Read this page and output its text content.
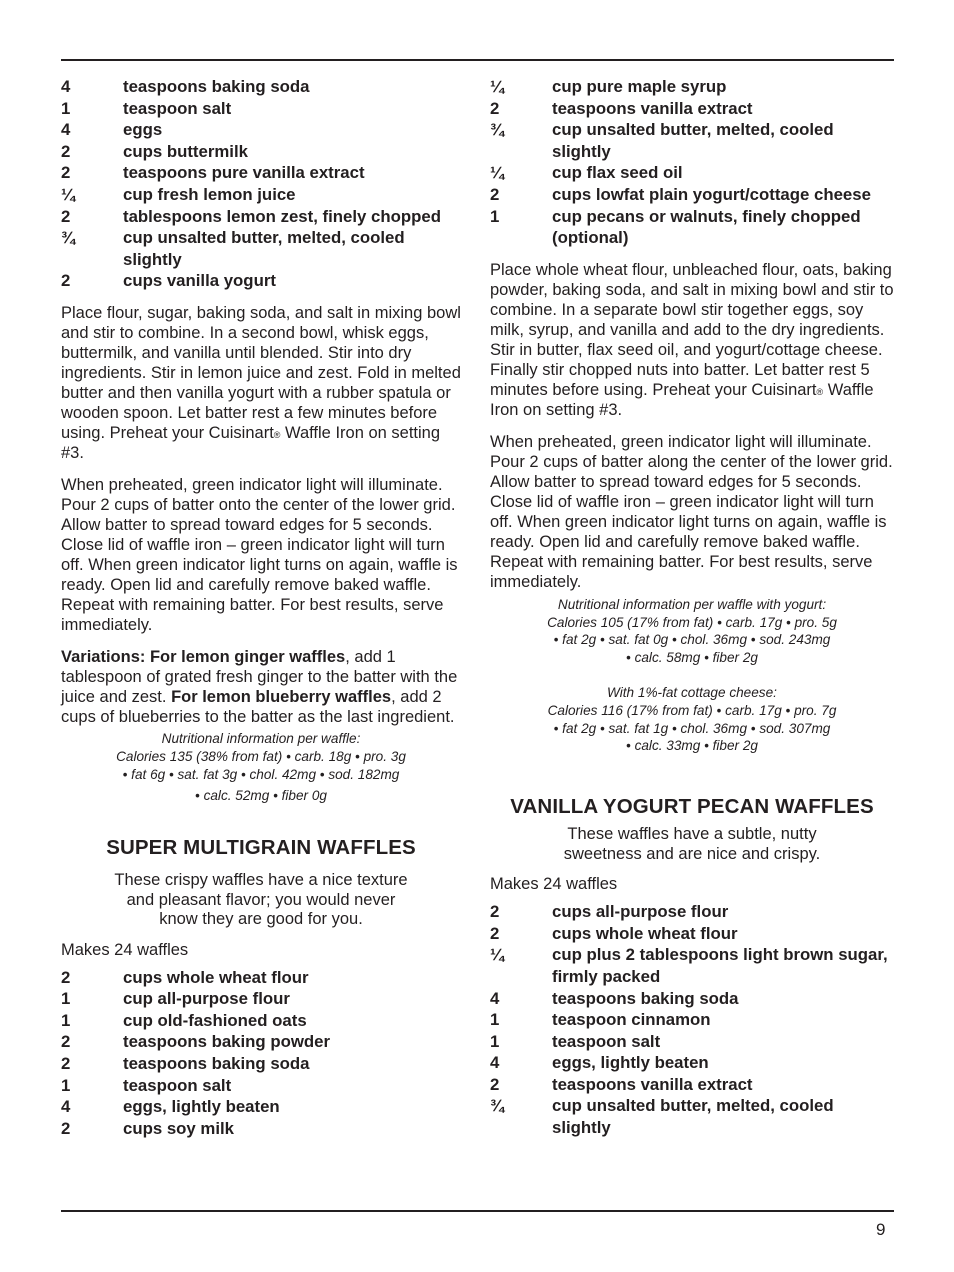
4	teaspoons baking soda
1	teaspoon salt
4	eggs
2	cups buttermilk
2	teaspoons pure vanilla extract
¼	cup fresh lemon juice
2	tablespoons lemon zest, finely chopped
¾	cup unsalted butter, melted, cooled slightly
2	cups vanilla yogurt

Place flour, sugar, baking soda, and salt in mixing bowl and stir to combine. In a second bowl, whisk eggs, buttermilk, and vanilla until blended. Stir into dry ingredients. Stir in lemon juice and zest. Fold in melted butter and then vanilla yogurt with a rubber spatula or wooden spoon. Let batter rest a few minutes before using. Preheat your Cuisinart® Waffle Iron on setting #3.

When preheated, green indicator light will illuminate. Pour 2 cups of batter onto the center of the lower grid. Allow batter to spread toward edges for 5 seconds. Close lid of waffle iron – green indicator light will turn off. When green indicator light turns on again, waffle is ready. Open lid and carefully remove baked waffle. Repeat with remaining batter. For best results, serve immediately.

Variations: For lemon ginger waffles, add 1 tablespoon of grated fresh ginger to the batter with the juice and zest. For lemon blueberry waffles, add 2 cups of blueberries to the batter as the last ingredient.

Nutritional information per waffle:
Calories 135 (38% from fat) • carb. 18g • pro. 3g
• fat 6g • sat. fat 3g • chol. 42mg • sod. 182mg
• calc. 52mg • fiber 0g
SUPER MULTIGRAIN WAFFLES
These crispy waffles have a nice texture
and pleasant flavor; you would never
know they are good for you.
Makes 24 waffles
2	cups whole wheat flour
1	cup all-purpose flour
1	cup old-fashioned oats
2	teaspoons baking powder
2	teaspoons baking soda
1	teaspoon salt
4	eggs, lightly beaten
2	cups soy milk
¼	cup pure maple syrup
2	teaspoons vanilla extract
¾	cup unsalted butter, melted, cooled slightly
¼	cup flax seed oil
2	cups lowfat plain yogurt/cottage cheese
1	cup pecans or walnuts, finely chopped (optional)

Place whole wheat flour, unbleached flour, oats, baking powder, baking soda, and salt in mixing bowl and stir to combine. In a separate bowl stir together eggs, soy milk, syrup, and vanilla and add to the dry ingredients. Stir in butter, flax seed oil, and yogurt/cottage cheese. Finally stir chopped nuts into batter. Let batter rest 5 minutes before using. Preheat your Cuisinart® Waffle Iron on setting #3.

When preheated, green indicator light will illuminate. Pour 2 cups of batter along the center of the lower grid. Allow batter to spread toward edges for 5 seconds. Close lid of waffle iron – green indicator light will turn off. When green indicator light turns on again, waffle is ready. Open lid and carefully remove baked waffle. Repeat with remaining batter. For best results, serve immediately.

Nutritional information per waffle with yogurt:
Calories 105 (17% from fat) • carb. 17g • pro. 5g
• fat 2g • sat. fat 0g • chol. 36mg • sod. 243mg
• calc. 58mg • fiber 2g
With 1%-fat cottage cheese:
Calories 116 (17% from fat) • carb. 17g • pro. 7g
• fat 2g • sat. fat 1g • chol. 36mg • sod. 307mg
• calc. 33mg • fiber 2g
VANILLA YOGURT PECAN WAFFLES
These waffles have a subtle, nutty
sweetness and are nice and crispy.
Makes 24 waffles
2	cups all-purpose flour
2	cups whole wheat flour
¼	cup plus 2 tablespoons light brown sugar, firmly packed
4	teaspoons baking soda
1	teaspoon cinnamon
1	teaspoon salt
4	eggs, lightly beaten
2	teaspoons vanilla extract
¾	cup unsalted butter, melted, cooled slightly
9
